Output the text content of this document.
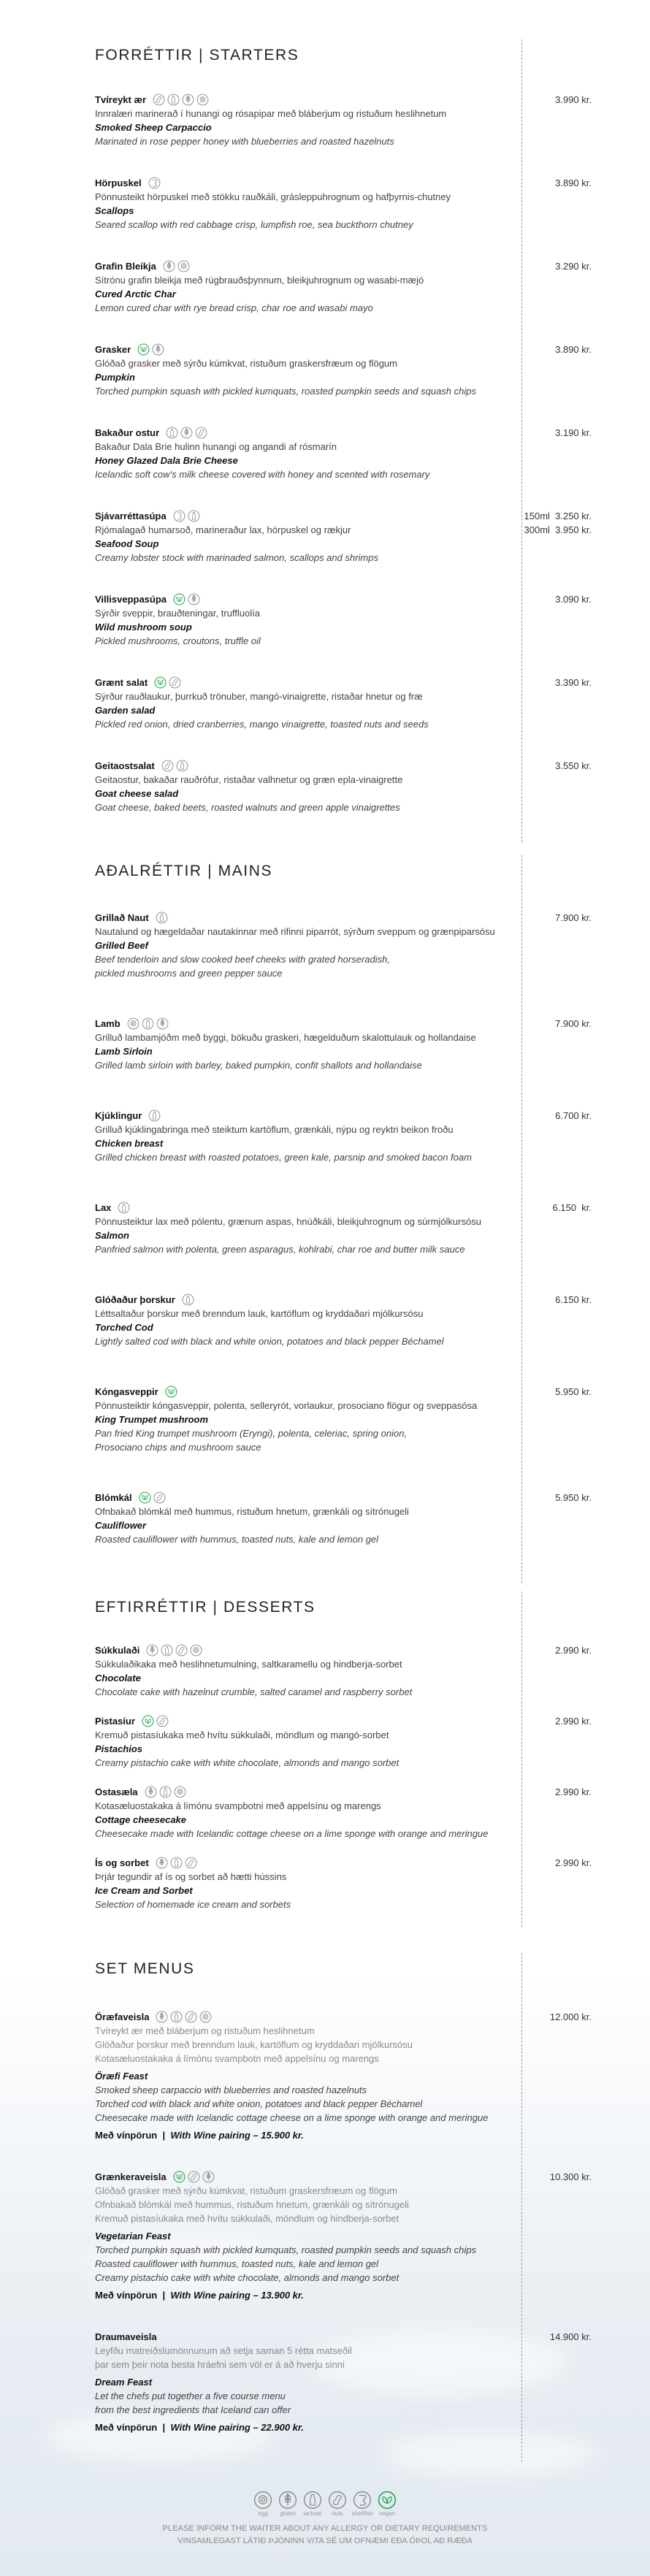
FORRÉTTIR | STARTERS
Tvíreykt ær
Innralæri marinerað í hunangi og rósapipar með bláberjum og ristuðum heslihnetum
Smoked Sheep Carpaccio
Marinated in rose pepper honey with blueberries and roasted hazelnuts
3.990 kr.
Hörpuskel
Pönnusteikt hörpuskel með stökku rauðkáli, grásleppuhrognum og hafþyrnis-chutney
Scallops
Seared scallop with red cabbage crisp, lumpfish roe, sea buckthorn chutney
3.890 kr.
Grafin Bleikja
Sítrónu grafin bleikja með rúgbrauðsþynnum, bleikjuhrognum og wasabi-mæjó
Cured Arctic Char
Lemon cured char with rye bread crisp, char roe and wasabi mayo
3.290 kr.
Grasker
Glóðað grasker með sýrðu kúmkvat, ristuðum graskersfræum og flögum
Pumpkin
Torched pumpkin squash with pickled kumquats, roasted pumpkin seeds and squash chips
3.890 kr.
Bakaður ostur
Bakaður Dala Brie hulinn hunangi og angandi af rósmarín
Honey Glazed Dala Brie Cheese
Icelandic soft cow's milk cheese covered with honey and scented with rosemary
3.190 kr.
Sjávarréttasúpa
Rjómalagað humarsoð, marineraður lax, hörpuskel og rækjur
Seafood Soup
Creamy lobster stock with marinaded salmon, scallops and shrimps
150ml  3.250 kr.
300ml  3.950 kr.
Villisveppasúpa
Sýrðir sveppir, brauðteningar, truffluolía
Wild mushroom soup
Pickled mushrooms, croutons, truffle oil
3.090 kr.
Grænt salat
Sýrður rauðlaukur, þurrkuð trönuber, mangó-vinaigrette, ristaðar hnetur og fræ
Garden salad
Pickled red onion, dried cranberries, mango vinaigrette, toasted nuts and seeds
3.390 kr.
Geitaostsalat
Geitaostur, bakaðar rauðrófur, ristaðar valhnetur og græn epla-vinaigrette
Goat cheese salad
Goat cheese, baked beets, roasted walnuts and green apple vinaigrettes
3.550 kr.
AÐALRÉTTIR | MAINS
Grillað Naut
Nautalund og hægeldaðar nautakinnar með rifinni piparrót, sýrðum sveppum og grænpiparsósu
Grilled Beef
Beef tenderloin and slow cooked beef cheeks with grated horseradish,
pickled mushrooms and green pepper sauce
7.900 kr.
Lamb
Grilluð lambamjöðm með byggi, bökuðu graskeri, hægelduðum skalottulauk og hollandaise
Lamb Sirloin
Grilled lamb sirloin with barley, baked pumpkin, confit shallots and hollandaise
7.900 kr.
Kjúklingur
Grilluð kjúklingabringa með steiktum kartöflum, grænkáli, nýpu og reyktri beikon froðu
Chicken breast
Grilled chicken breast with roasted potatoes, green kale, parsnip and smoked bacon foam
6.700 kr.
Lax
Pönnusteiktur lax með pólentu, grænum aspas, hnúðkáli, bleikjuhrognum og súrmjólkursósu
Salmon
Panfried salmon with polenta, green asparagus, kohlrabi, char roe and butter milk sauce
6.150  kr.
Glóðaður þorskur
Léttsaltaður þorskur með brenndum lauk, kartöflum og kryddaðari mjólkursósu
Torched Cod
Lightly salted cod with black and white onion, potatoes and black pepper Béchamel
6.150 kr.
Kóngasveppir
Pönnusteiktir kóngasveppir, polenta, selleryrót, vorlaukur, prosociano flögur og sveppasósa
King Trumpet mushroom
Pan fried King trumpet mushroom (Eryngi), polenta, celeriac, spring onion,
Prosociano chips and mushroom sauce
5.950 kr.
Blómkál
Ofnbakað blómkál með hummus, ristuðum hnetum, grænkáli og sítrónugeli
Cauliflower
Roasted cauliflower with hummus, toasted nuts, kale and lemon gel
5.950 kr.
EFTIRRÉTTIR | DESSERTS
Súkkulaði
Súkkulaðikaka með heslihnetumulning, saltkaramellu og hindberja-sorbet
Chocolate
Chocolate cake with hazelnut crumble, salted caramel and raspberry sorbet
2.990 kr.
Pistasíur
Kremuð pistasíukaka með hvítu súkkulaði, möndlum og mangó-sorbet
Pistachios
Creamy pistachio cake with white chocolate, almonds and mango sorbet
2.990 kr.
Ostasæla
Kotasæluostakaka á límónu svampbotni með appelsínu og marengs
Cottage cheesecake
Cheesecake made with Icelandic cottage cheese on a lime sponge with orange and meringue
2.990 kr.
Ís og sorbet
Þrjár tegundir af ís og sorbet að hætti hússins
Ice Cream and Sorbet
Selection of homemade ice cream and sorbets
2.990 kr.
SET MENUS
Öræfaveisla
Tvíreykt ær með bláberjum og ristuðum heslihnetum
Glóðaður þorskur með brenndum lauk, kartöflum og kryddaðari mjólkursósu
Kotasæluostakaka á límónu svampbotn með appelsínu og marengs
Öræfi Feast
Smoked sheep carpaccio with blueberries and roasted hazelnuts
Torched cod with black and white onion, potatoes and black pepper Béchamel
Cheesecake made with Icelandic cottage cheese on a lime sponge with orange and meringue
Með vínpörun  |  With Wine pairing – 15.900 kr.
12.000 kr.
Grænkeraveisla
Glóðað grasker með sýrðu kúmkvat, ristuðum graskersfræum og flögum
Ofnbakað blómkál með hummus, ristuðum hnetum, grænkáli og sítrónugeli
Kremuð pistasíukaka með hvítu súkkulaði, möndlum og hindberja-sorbet
Vegetarian Feast
Torched pumpkin squash with pickled kumquats, roasted pumpkin seeds and squash chips
Roasted cauliflower with hummus, toasted nuts, kale and lemon gel
Creamy pistachio cake with white chocolate, almonds and mango sorbet
Með vínpörun  |  With Wine pairing – 13.900 kr.
10.300 kr.
Draumaveisla
Leyfðu matreiðslumönnunum að setja saman 5 rétta matseðil
þar sem þeir nota besta hráefni sem völ er á að hverju sinni
Dream Feast
Let the chefs put together a five course menu
from the best ingredients that Iceland can offer
Með vínpörun  |  With Wine pairing – 22.900 kr.
14.900 kr.
egg gluten lactose nuts shellfish vegan
PLEASE INFORM THE WAITER ABOUT ANY ALLERGY OR DIETARY REQUIREMENTS
VINSAMLEGAST LÁTIÐ ÞJÓNINN VITA SÉ UM OFNÆMI EÐA ÓÞOL AÐ RÆÐA
